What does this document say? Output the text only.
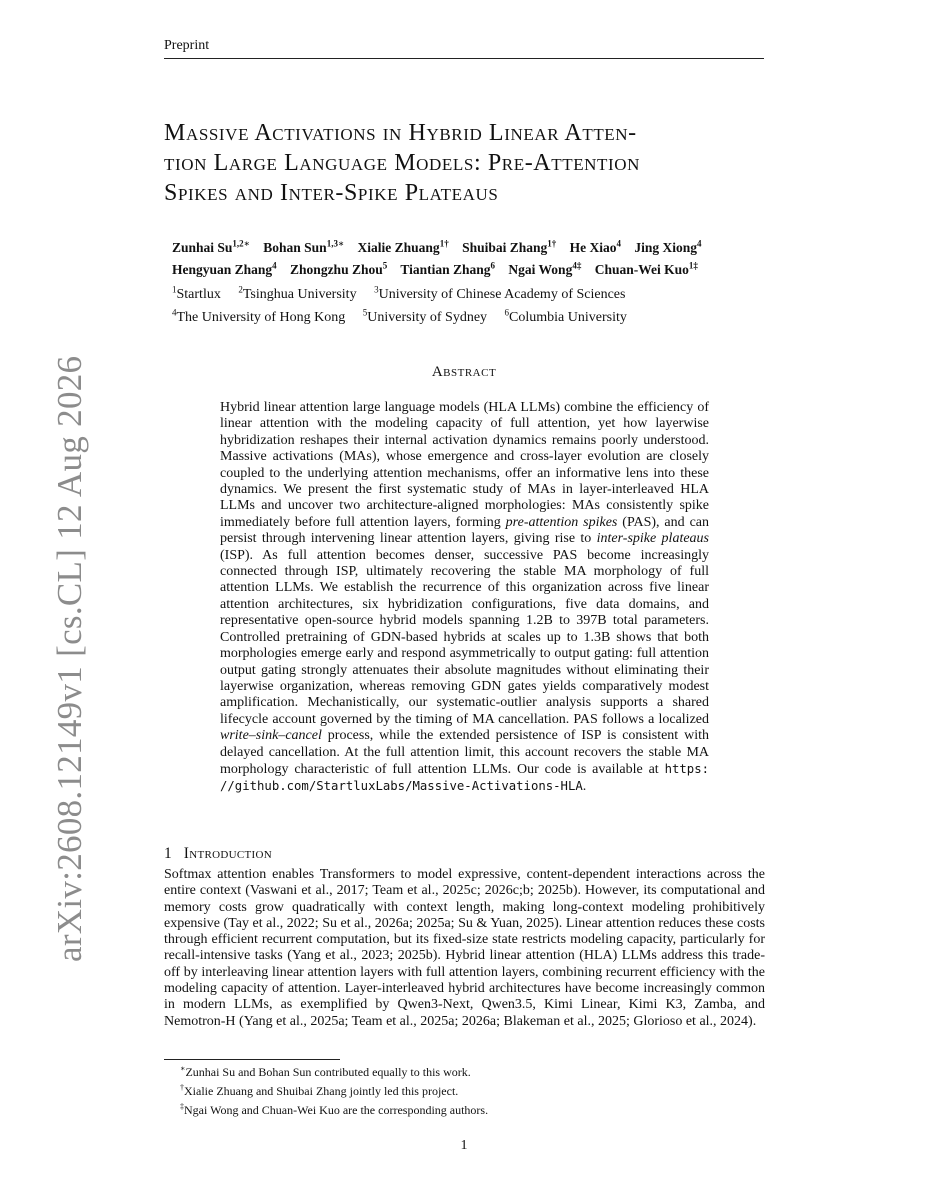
Preprint
arXiv:2608.12149v1 [cs.CL] 12 Aug 2026
Massive Activations in Hybrid Linear Atten-
tion Large Language Models: Pre-Attention
Spikes and Inter-Spike Plateaus
Zunhai $Su^{1,2∗}$ Bohan Sun$^{1,3∗}$ Xialie Zhuang$^{1\dagger}$ Shuibai Zhang$^{1\dagger}$ He Xiao$^4$ Jing Xiong$^4$
Hengyuan Zhang$^4$ Zhongzhu Zhou$^5$ Tiantian Zhang$^6$ Ngai Wong$^{4\ddagger}$ Chuan-Wei Kuo$^{1\ddagger}$
$^1$Startlux $^2$Tsinghua University $^3$University of Chinese Academy of Sciences
$^4$The University of Hong Kong $^5$University of Sydney $^6$Columbia University
Abstract

Hybrid linear attention large language models (HLA LLMs) combine the efficiency of linear attention with the modeling capacity of full attention, yet how layerwise hybridization reshapes their internal activation dynamics remains poorly understood. Massive activations (MAs), whose emergence and cross-layer evolution are closely coupled to the underlying attention mechanisms, offer an informative lens into these dynamics. We present the first systematic study of MAs in layer-interleaved HLA LLMs and uncover two architecture-aligned morphologies: MAs consistently spike immediately before full attention layers, forming pre-attention spikes (PAS), and can persist through intervening linear attention layers, giving rise to inter-spike plateaus (ISP). As full attention becomes denser, successive PAS become increasingly connected through ISP, ultimately recovering the stable MA morphology of full attention LLMs. We establish the recurrence of this organization across five linear attention architectures, six hybridization configurations, five data domains, and representative open-source hybrid models spanning 1.2B to 397B total parameters. Controlled pretraining of GDN-based hybrids at scales up to 1.3B shows that both morphologies emerge early and respond asymmetrically to output gating: full attention output gating strongly attenuates their absolute magnitudes without eliminating their layerwise organization, whereas removing GDN gates yields comparatively modest amplification. Mechanistically, our systematic-outlier analysis supports a shared lifecycle account governed by the timing of MA cancellation. PAS follows a localized write–sink–cancel process, while the extended persistence of ISP is consistent with delayed cancellation. At the full attention limit, this account recovers the stable MA morphology characteristic of full attention LLMs. Our code is available at https: //github.com/StartluxLabs/Massive-Activations-HLA.

1 Introduction

Softmax attention enables Transformers to model expressive, content-dependent interactions across the entire context (Vaswani et al., 2017; Team et al., 2025c; 2026c;b; 2025b). However, its computational and memory costs grow quadratically with context length, making long-context modeling prohibitively expensive (Tay et al., 2022; Su et al., 2026a; 2025a; Su & Yuan, 2025). Linear attention reduces these costs through efficient recurrent computation, but its fixed-size state restricts modeling capacity, particularly for recall-intensive tasks (Yang et al., 2023; 2025b). Hybrid linear attention (HLA) LLMs address this trade-off by interleaving linear attention layers with full attention layers, combining recurrent efficiency with the modeling capacity of attention. Layer-interleaved hybrid architectures have become increasingly common in modern LLMs, as exemplified by Qwen3-Next, Qwen3.5, Kimi Linear, Kimi K3, Zamba, and Nemotron-H (Yang et al., 2025a; Team et al., 2025a; 2026a; Blakeman et al., 2025; Glorioso et al., 2024).

∗Zunhai Su and Bohan Sun contributed equally to this work.
†Xialie Zhuang and Shuibai Zhang jointly led this project.
‡Ngai Wong and Chuan-Wei Kuo are the corresponding authors.
1
